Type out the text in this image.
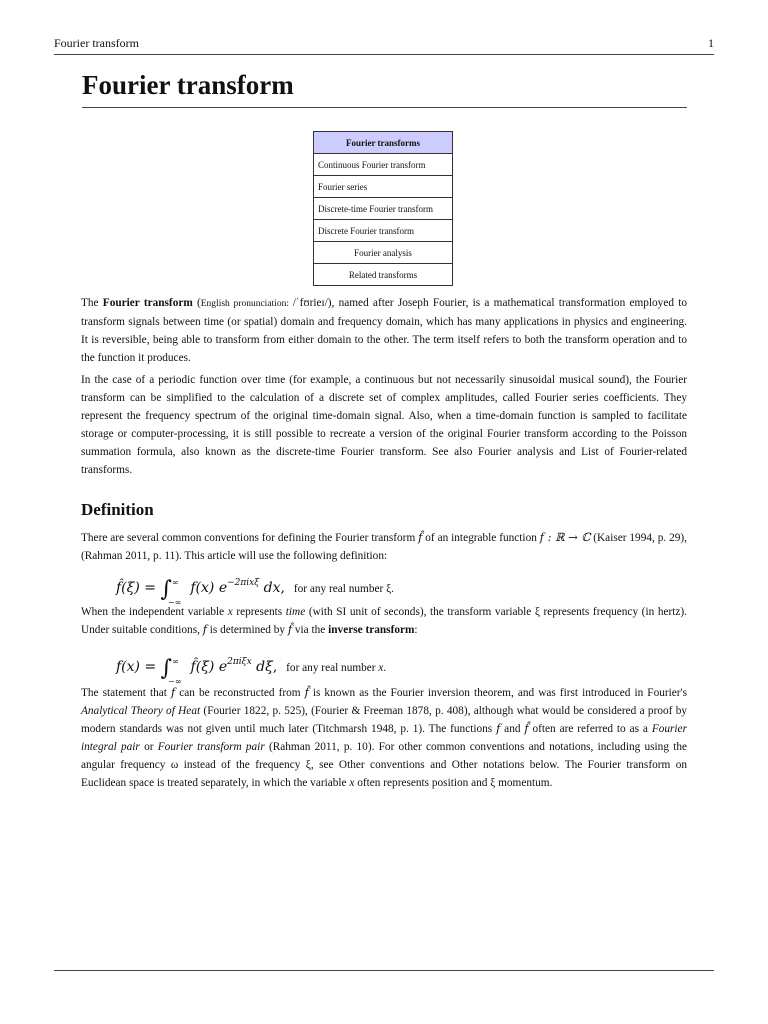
Fourier transform	1
Fourier transform
Fourier transforms
Continuous Fourier transform
Fourier series
Discrete-time Fourier transform
Discrete Fourier transform
Fourier analysis
Related transforms

The Fourier transform (English pronunciation: /ˈfʊrieɪ/), named after Joseph Fourier, is a mathematical transformation employed to transform signals between time (or spatial) domain and frequency domain, which has many applications in physics and engineering. It is reversible, being able to transform from either domain to the other. The term itself refers to both the transform operation and to the function it produces.

In the case of a periodic function over time (for example, a continuous but not necessarily sinusoidal musical sound), the Fourier transform can be simplified to the calculation of a discrete set of complex amplitudes, called Fourier series coefficients. They represent the frequency spectrum of the original time-domain signal. Also, when a time-domain function is sampled to facilitate storage or computer-processing, it is still possible to recreate a version of the original Fourier transform according to the Poisson summation formula, also known as the discrete-time Fourier transform. See also Fourier analysis and List of Fourier-related transforms.

Definition
There are several common conventions for defining the Fourier transform f̂ of an integrable function f : ℝ → ℂ (Kaiser 1994, p. 29), (Rahman 2011, p. 11). This article will use the following definition:
f̂(ξ) = ∫ ∞
−∞
f(x) $e^{-2\pi ix\xi}$ dx,  for any real number ξ.
When the independent variable x represents time (with SI unit of seconds), the transform variable ξ represents frequency (in hertz). Under suitable conditions, f is determined by f̂ via the inverse transform:
f(x) = ∫ ∞
−∞
f̂(ξ) $e^{2\pi i\xi x}$ dξ,  for any real number x.
The statement that f can be reconstructed from f̂ is known as the Fourier inversion theorem, and was first introduced in Fourier's Analytical Theory of Heat (Fourier 1822, p. 525), (Fourier & Freeman 1878, p. 408), although what would be considered a proof by modern standards was not given until much later (Titchmarsh 1948, p. 1). The functions f and f̂ often are referred to as a Fourier integral pair or Fourier transform pair (Rahman 2011, p. 10). For other common conventions and notations, including using the angular frequency ω instead of the frequency ξ, see Other conventions and Other notations below. The Fourier transform on Euclidean space is treated separately, in which the variable x often represents position and ξ momentum.
